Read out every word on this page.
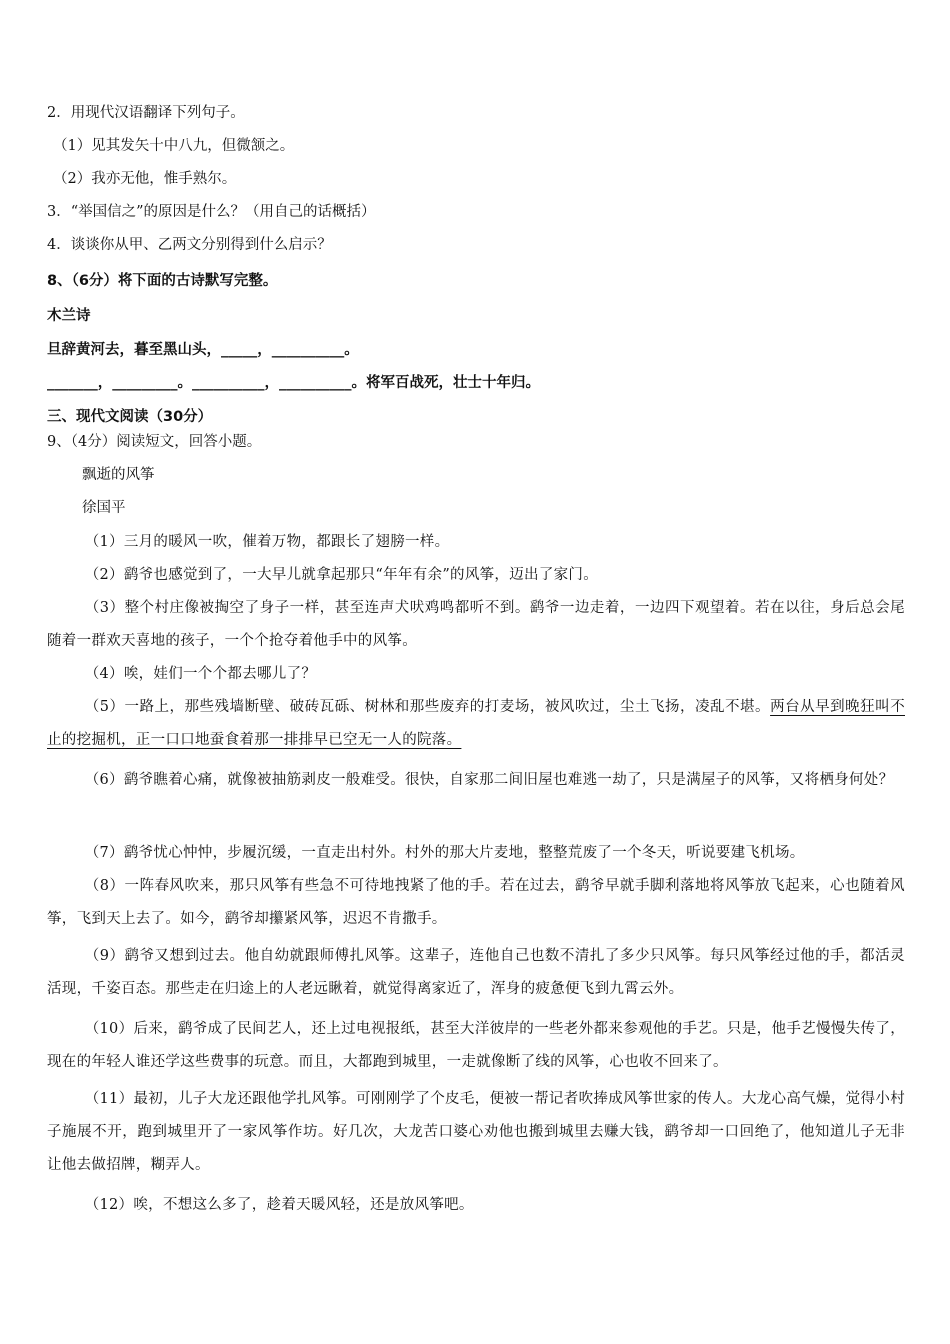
2．用现代汉语翻译下列句子。
（1）见其发矢十中八九，但微颔之。
（2）我亦无他，惟手熟尔。
3．“举国信之”的原因是什么？（用自己的话概括）
4．谈谈你从甲、乙两文分别得到什么启示？
8、（6分）将下面的古诗默写完整。
木兰诗
旦辞黄河去，暮至黑山头，_____，__________。
_______，_________。__________，__________。将军百战死，壮士十年归。
三、现代文阅读（30分）
9、（4分）阅读短文，回答小题。
飘逝的风筝
徐国平
（1）三月的暖风一吹，催着万物，都跟长了翅膀一样。
（2）鹞爷也感觉到了，一大早儿就拿起那只“年年有余”的风筝，迈出了家门。
（3）整个村庄像被掏空了身子一样，甚至连声犬吠鸡鸣都听不到。鹞爷一边走着，一边四下观望着。若在以往，身后总会尾随着一群欢天喜地的孩子，一个个抢夺着他手中的风筝。
（4）唉，娃们一个个都去哪儿了？
（5）一路上，那些残墙断壁、破砖瓦砾、树林和那些废弃的打麦场，被风吹过，尘土飞扬，凌乱不堪。两台从早到晚狂叫不止的挖掘机，正一口口地蚕食着那一排排早已空无一人的院落。
（6）鹞爷瞧着心痛，就像被抽筋剥皮一般难受。很快，自家那二间旧屋也难逃一劫了，只是满屋子的风筝，又将栖身何处？
（7）鹞爷忧心忡忡，步履沉缓，一直走出村外。村外的那大片麦地，整整荒废了一个冬天，听说要建飞机场。
（8）一阵春风吹来，那只风筝有些急不可待地拽紧了他的手。若在过去，鹞爷早就手脚利落地将风筝放飞起来，心也随着风筝，飞到天上去了。如今，鹞爷却攥紧风筝，迟迟不肯撒手。
（9）鹞爷又想到过去。他自幼就跟师傅扎风筝。这辈子，连他自己也数不清扎了多少只风筝。每只风筝经过他的手，都活灵活现，千姿百态。那些走在归途上的人老远瞅着，就觉得离家近了，浑身的疲惫便飞到九霄云外。
（10）后来，鹞爷成了民间艺人，还上过电视报纸，甚至大洋彼岸的一些老外都来参观他的手艺。只是，他手艺慢慢失传了，现在的年轻人谁还学这些费事的玩意。而且，大都跑到城里，一走就像断了线的风筝，心也收不回来了。
（11）最初，儿子大龙还跟他学扎风筝。可刚刚学了个皮毛，便被一帮记者吹捧成风筝世家的传人。大龙心高气燥，觉得小村子施展不开，跑到城里开了一家风筝作坊。好几次，大龙苦口婆心劝他也搬到城里去赚大钱，鹞爷却一口回绝了，他知道儿子无非让他去做招牌，糊弄人。
（12）唉，不想这么多了，趁着天暖风轻，还是放风筝吧。
